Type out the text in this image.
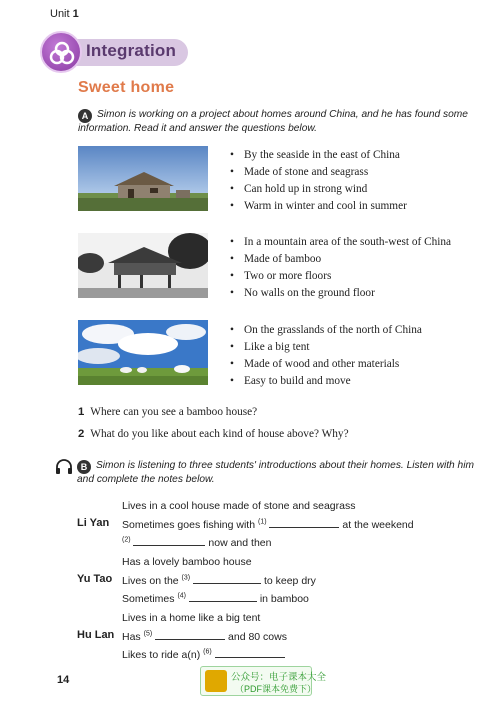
Unit 1
Integration
Sweet home
A Simon is working on a project about homes around China, and he has found some
information. Read it and answer the questions below.
• By the seaside in the east of China
• Made of stone and seagrass
• Can hold up in strong wind
• Warm in winter and cool in summer
• In a mountain area of the south-west of China
• Made of bamboo
• Two or more floors
• No walls on the ground floor
• On the grasslands of the north of China
• Like a big tent
• Made of wood and other materials
• Easy to build and move
1 Where can you see a bamboo house?
2 What do you like about each kind of house above? Why?
B Simon is listening to three students' introductions about their homes. Listen with him
and complete the notes below.
Lives in a cool house made of stone and seagrass
Li Yan Sometimes goes fishing with $^{(1)}$	at the weekend
$^{(2)}$	now and then
Has a lovely bamboo house
Yu Tao Lives on the $^{(3)}$	to keep dry
Sometimes $^{(4)}$	in bamboo
Lives in a home like a big tent
Hu Lan Has $^{(5)}$	and 80 cows
Likes to ride a(n) $^{(6)}$
14	公众号：电子课本大全
（PDF课本免费下）
